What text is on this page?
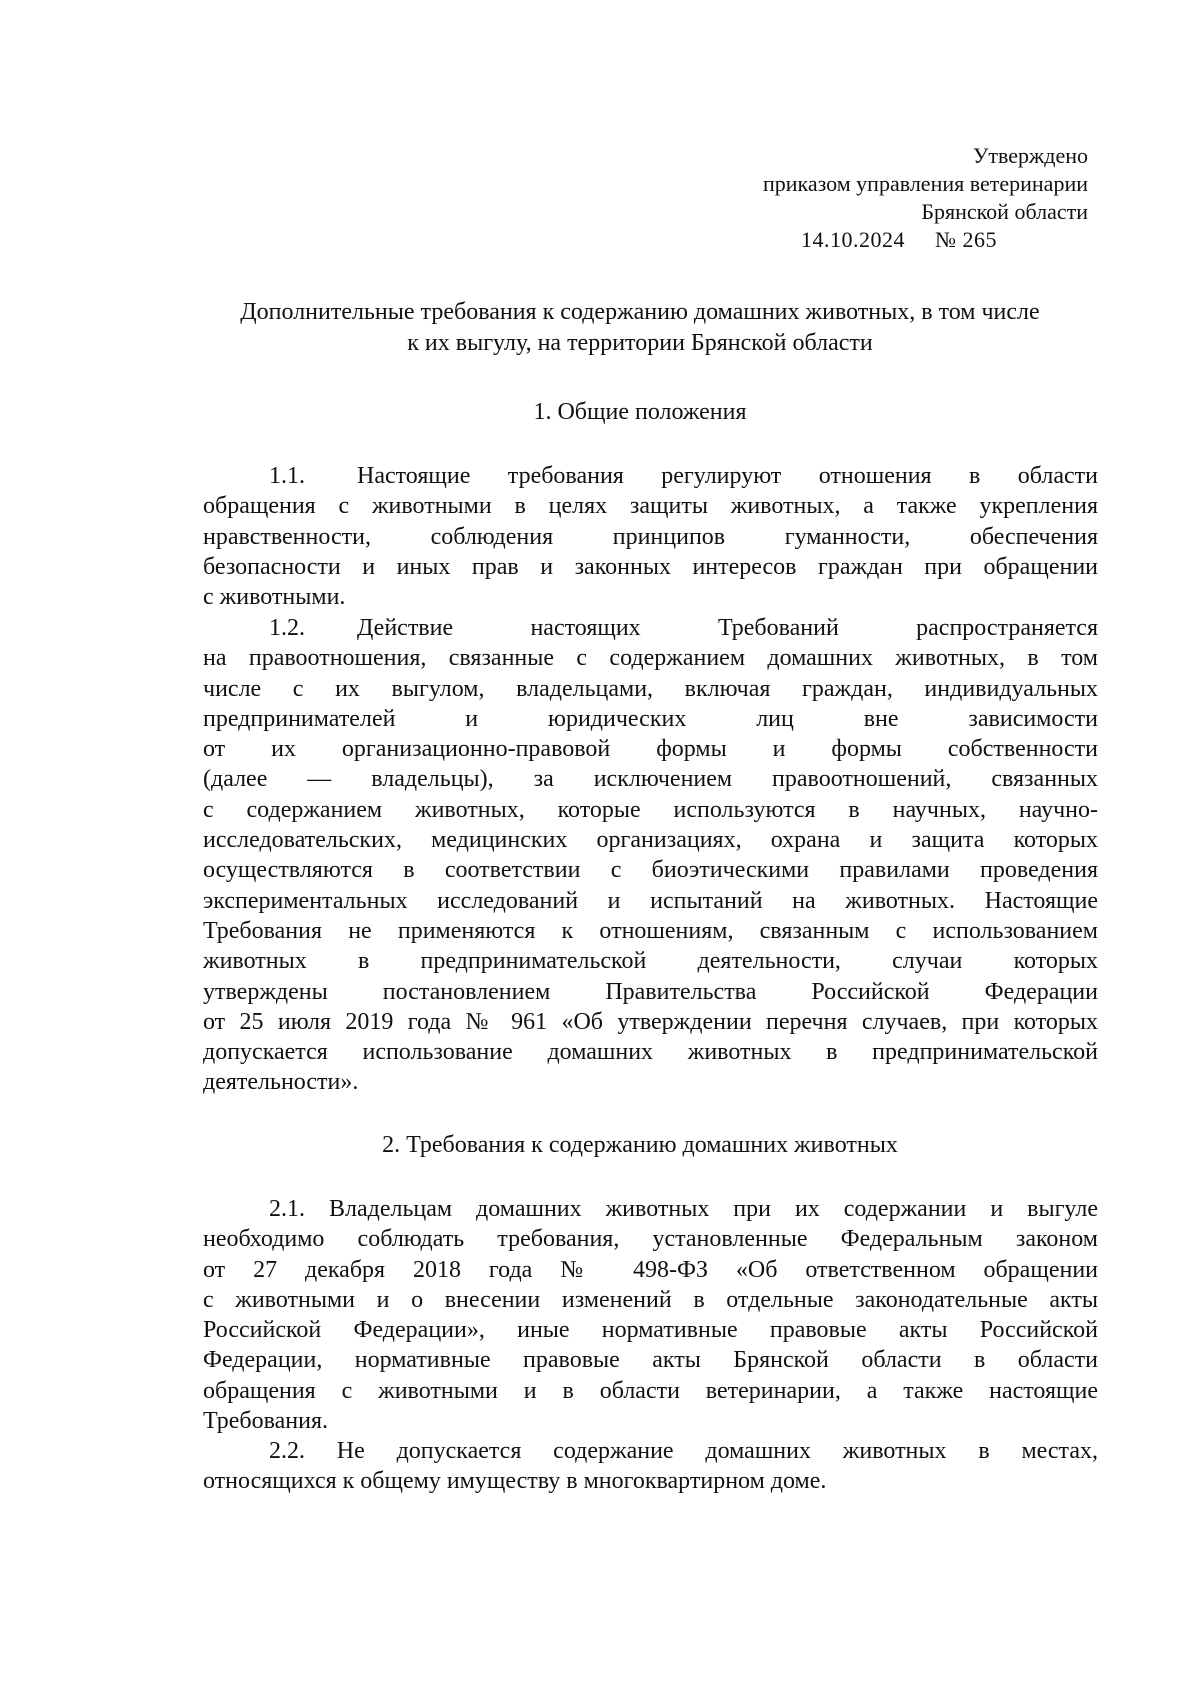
Утверждено
приказом управления ветеринарии
Брянской области
14.10.2024 № 265
Дополнительные требования к содержанию домашних животных, в том числе
к их выгулу, на территории Брянской области
1. Общие положения
1.1. Настоящие требования регулируют отношения в области
обращения с животными в целях защиты животных, а также укрепления
нравственности, соблюдения принципов гуманности, обеспечения
безопасности и иных прав и законных интересов граждан при обращении
с животными.
1.2. Действие настоящих Требований распространяется
на правоотношения, связанные с содержанием домашних животных, в том
числе с их выгулом, владельцами, включая граждан, индивидуальных
предпринимателей и юридических лиц вне зависимости
от их организационно-правовой формы и формы собственности
(далее — владельцы), за исключением правоотношений, связанных
с содержанием животных, которые используются в научных, научно-
исследовательских, медицинских организациях, охрана и защита которых
осуществляются в соответствии с биоэтическими правилами проведения
экспериментальных исследований и испытаний на животных. Настоящие
Требования не применяются к отношениям, связанным с использованием
животных в предпринимательской деятельности, случаи которых
утверждены постановлением Правительства Российской Федерации
от 25 июля 2019 года № 961 «Об утверждении перечня случаев, при которых
допускается использование домашних животных в предпринимательской
деятельности».
2. Требования к содержанию домашних животных
2.1. Владельцам домашних животных при их содержании и выгуле
необходимо соблюдать требования, установленные Федеральным законом
от 27 декабря 2018 года № 498-ФЗ «Об ответственном обращении
с животными и о внесении изменений в отдельные законодательные акты
Российской Федерации», иные нормативные правовые акты Российской
Федерации, нормативные правовые акты Брянской области в области
обращения с животными и в области ветеринарии, а также настоящие
Требования.
2.2. Не допускается содержание домашних животных в местах,
относящихся к общему имуществу в многоквартирном доме.
